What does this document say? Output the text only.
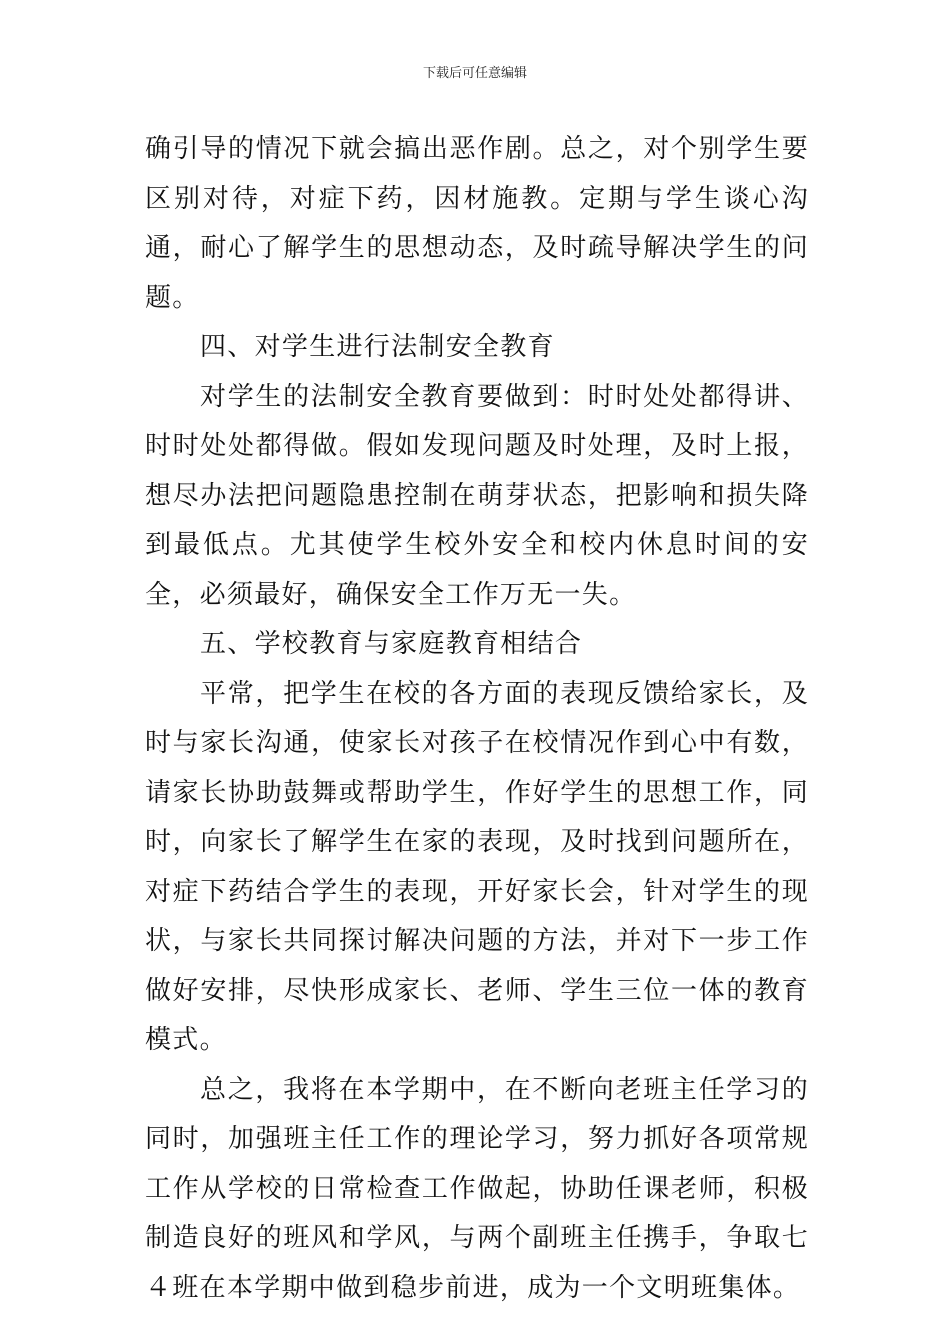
下载后可任意编辑

确引导的情况下就会搞出恶作剧。总之，对个别学生要区别对待，对症下药，因材施教。定期与学生谈心沟通，耐心了解学生的思想动态，及时疏导解决学生的问题。

四、对学生进行法制安全教育

对学生的法制安全教育要做到：时时处处都得讲、时时处处都得做。假如发现问题及时处理，及时上报，想尽办法把问题隐患控制在萌芽状态，把影响和损失降到最低点。尤其使学生校外安全和校内休息时间的安全，必须最好，确保安全工作万无一失。

五、学校教育与家庭教育相结合

平常，把学生在校的各方面的表现反馈给家长，及时与家长沟通，使家长对孩子在校情况作到心中有数，请家长协助鼓舞或帮助学生，作好学生的思想工作，同时，向家长了解学生在家的表现，及时找到问题所在，对症下药结合学生的表现，开好家长会，针对学生的现状，与家长共同探讨解决问题的方法，并对下一步工作做好安排，尽快形成家长、老师、学生三位一体的教育模式。

总之，我将在本学期中，在不断向老班主任学习的同时，加强班主任工作的理论学习，努力抓好各项常规工作从学校的日常检查工作做起，协助任课老师，积极制造良好的班风和学风，与两个副班主任携手，争取七４班在本学期中做到稳步前进，成为一个文明班集体。
